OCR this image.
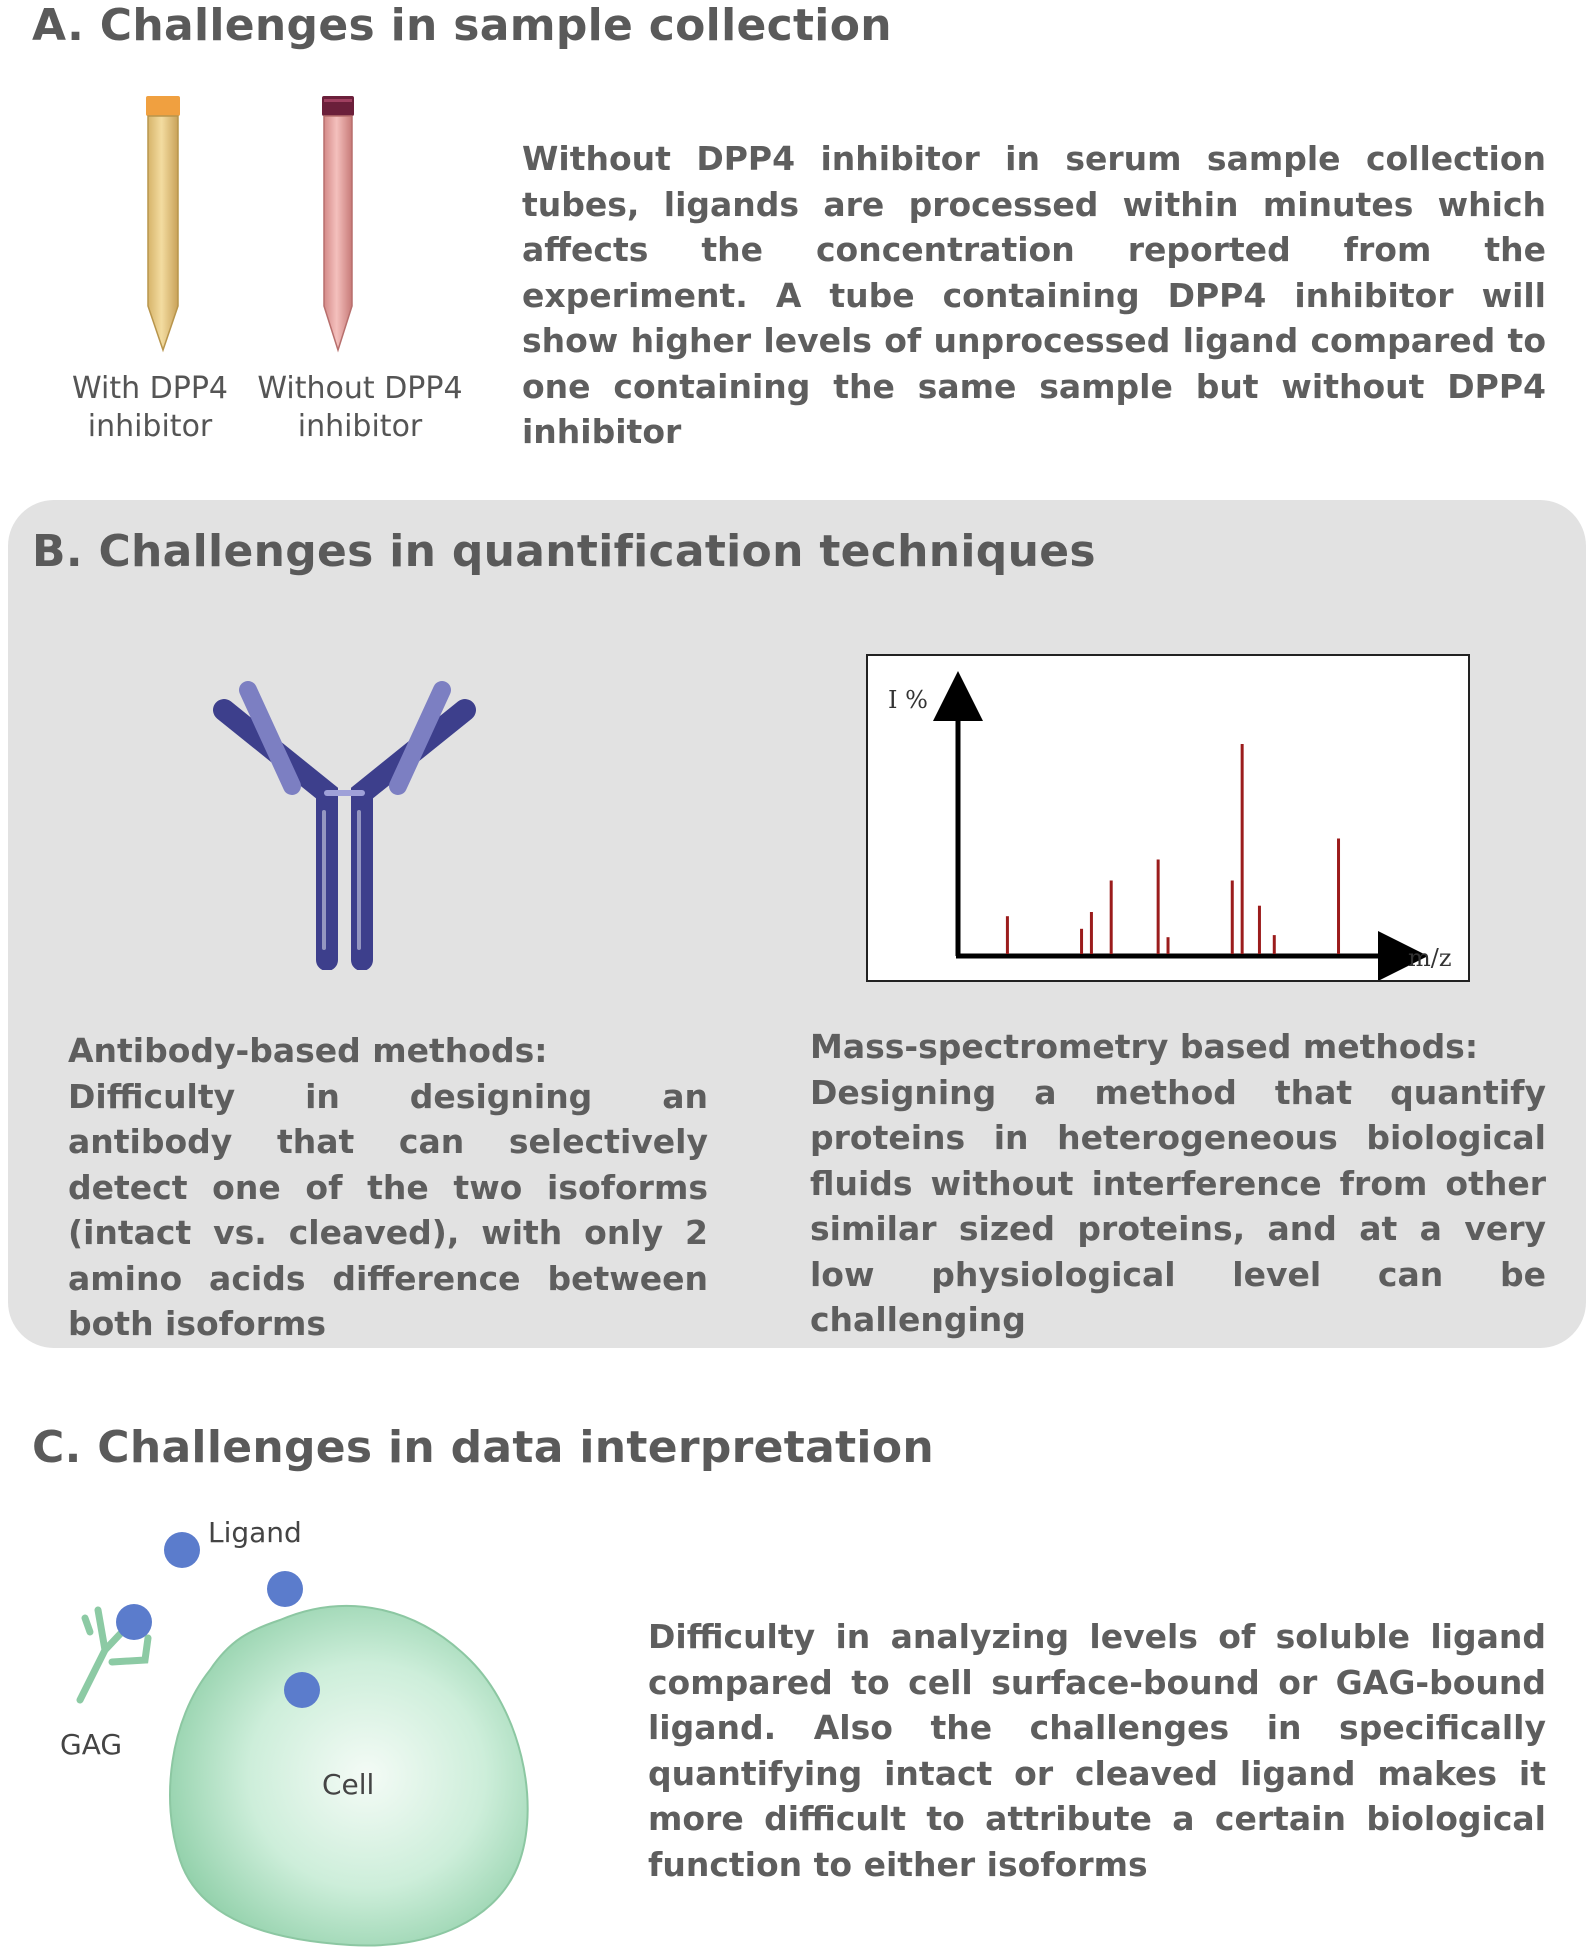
A. Challenges in sample collection
With DPP4 inhibitor
Without DPP4 inhibitor
Without DPP4 inhibitor in serum sample collection tubes, ligands are processed within minutes which affects the concentration reported from the experiment. A tube containing DPP4 inhibitor will show higher levels of unprocessed ligand compared to one containing the same sample but without DPP4 inhibitor
B. Challenges in quantification techniques
I %
m/z
Antibody-based methods:
Difficulty in designing an antibody that can selectively detect one of the two isoforms (intact vs. cleaved), with only 2 amino acids difference between both isoforms
Mass-spectrometry based methods:
Designing a method that quantify proteins in heterogeneous biological fluids without interference from other similar sized proteins, and at a very low physiological level can be challenging
C. Challenges in data interpretation
Ligand
GAG
Cell
Difficulty in analyzing levels of soluble ligand compared to cell surface-bound or GAG-bound ligand. Also the challenges in specifically quantifying intact or cleaved ligand makes it more difficult to attribute a certain biological function to either isoforms
